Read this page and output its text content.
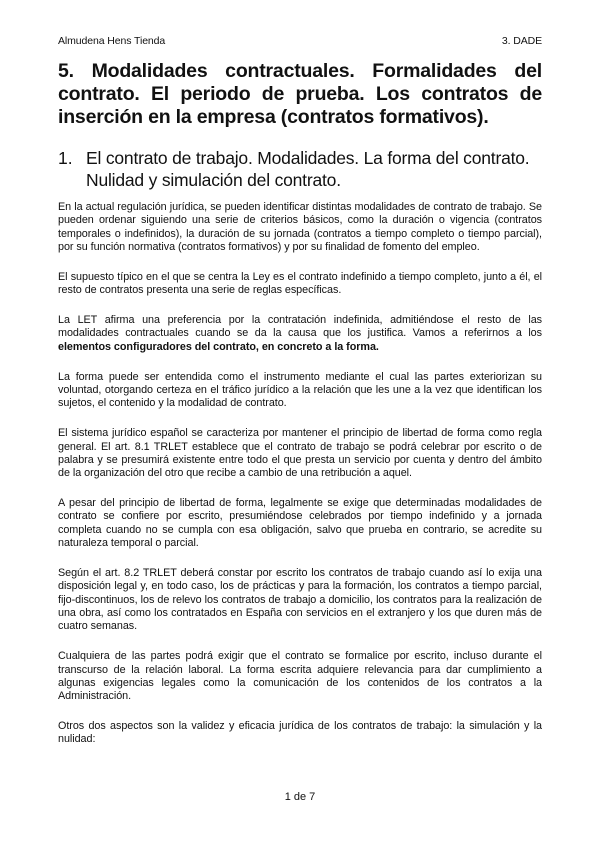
Almudena Hens Tienda	3. DADE
5. Modalidades contractuales. Formalidades del contrato. El periodo de prueba. Los contratos de inserción en la empresa (contratos formativos).
1. El contrato de trabajo. Modalidades. La forma del contrato. Nulidad y simulación del contrato.

En la actual regulación jurídica, se pueden identificar distintas modalidades de contrato de trabajo. Se pueden ordenar siguiendo una serie de criterios básicos, como la duración o vigencia (contratos temporales o indefinidos), la duración de su jornada (contratos a tiempo completo o tiempo parcial), por su función normativa (contratos formativos) y por su finalidad de fomento del empleo.

El supuesto típico en el que se centra la Ley es el contrato indefinido a tiempo completo, junto a él, el resto de contratos presenta una serie de reglas específicas.

La LET afirma una preferencia por la contratación indefinida, admitiéndose el resto de las modalidades contractuales cuando se da la causa que los justifica. Vamos a referirnos a los elementos configuradores del contrato, en concreto a la forma.

La forma puede ser entendida como el instrumento mediante el cual las partes exteriorizan su voluntad, otorgando certeza en el tráfico jurídico a la relación que les une a la vez que identifican los sujetos, el contenido y la modalidad de contrato.

El sistema jurídico español se caracteriza por mantener el principio de libertad de forma como regla general. El art. 8.1 TRLET establece que el contrato de trabajo se podrá celebrar por escrito o de palabra y se presumirá existente entre todo el que presta un servicio por cuenta y dentro del ámbito de la organización del otro que recibe a cambio de una retribución a aquel.

A pesar del principio de libertad de forma, legalmente se exige que determinadas modalidades de contrato se confiere por escrito, presumiéndose celebrados por tiempo indefinido y a jornada completa cuando no se cumpla con esa obligación, salvo que prueba en contrario, se acredite su naturaleza temporal o parcial.

Según el art. 8.2 TRLET deberá constar por escrito los contratos de trabajo cuando así lo exija una disposición legal y, en todo caso, los de prácticas y para la formación, los contratos a tiempo parcial, fijo-discontinuos, los de relevo los contratos de trabajo a domicilio, los contratos para la realización de una obra, así como los contratados en España con servicios en el extranjero y los que duren más de cuatro semanas.

Cualquiera de las partes podrá exigir que el contrato se formalice por escrito, incluso durante el transcurso de la relación laboral. La forma escrita adquiere relevancia para dar cumplimiento a algunas exigencias legales como la comunicación de los contenidos de los contratos a la Administración.

Otros dos aspectos son la validez y eficacia jurídica de los contratos de trabajo: la simulación y la nulidad:

1 de 7
